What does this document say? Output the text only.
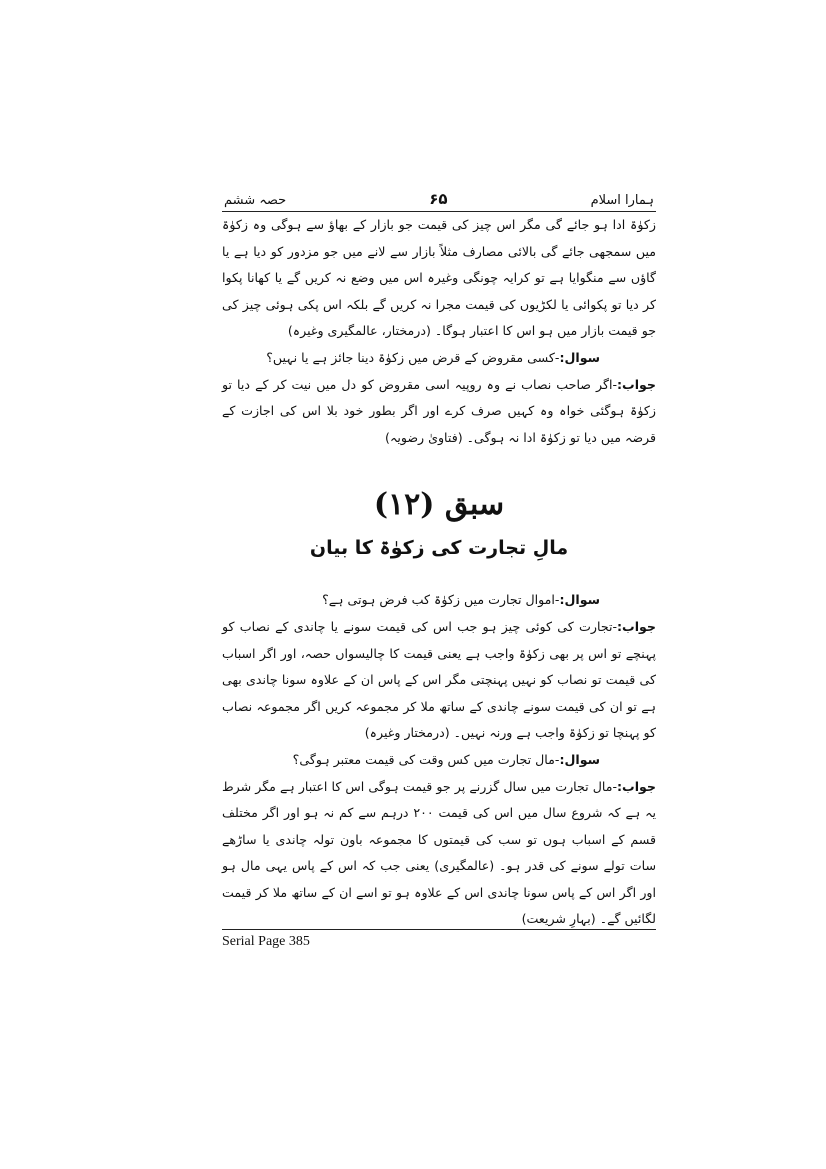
ہمارا اسلام
۶۵
حصہ ششم

زکوٰۃ ادا ہو جائے گی مگر اس چیز کی قیمت جو بازار کے بھاؤ سے ہوگی وہ زکوٰۃ میں سمجھی جائے گی بالائی مصارف مثلاً بازار سے لانے میں جو مزدور کو دیا ہے یا گاؤں سے منگوایا ہے تو کرایہ چونگی وغیرہ اس میں وضع نہ کریں گے یا کھانا پکوا کر دیا تو پکوائی یا لکڑیوں کی قیمت مجرا نہ کریں گے بلکہ اس پکی ہوئی چیز کی جو قیمت بازار میں ہو اس کا اعتبار ہوگا۔ (درمختار، عالمگیری وغیرہ)

سوال:-کسی مقروض کے قرض میں زکوٰۃ دینا جائز ہے یا نہیں؟

جواب:-اگر صاحب نصاب نے وہ روپیہ اسی مقروض کو دل میں نیت کر کے دیا تو زکوٰۃ ہوگئی خواہ وہ کہیں صرف کرے اور اگر بطور خود بلا اس کی اجازت کے قرضہ میں دیا تو زکوٰۃ ادا نہ ہوگی۔ (فتاویٰ رضویہ)

سبق (۱۲)
مالِ تجارت کی زکوٰۃ کا بیان

سوال:-اموال تجارت میں زکوٰۃ کب فرض ہوتی ہے؟

جواب:-تجارت کی کوئی چیز ہو جب اس کی قیمت سونے یا چاندی کے نصاب کو پہنچے تو اس پر بھی زکوٰۃ واجب ہے یعنی قیمت کا چالیسواں حصہ، اور اگر اسباب کی قیمت تو نصاب کو نہیں پہنچتی مگر اس کے پاس ان کے علاوہ سونا چاندی بھی ہے تو ان کی قیمت سونے چاندی کے ساتھ ملا کر مجموعہ کریں اگر مجموعہ نصاب کو پہنچا تو زکوٰۃ واجب ہے ورنہ نہیں۔ (درمختار وغیرہ)

سوال:-مال تجارت میں کس وقت کی قیمت معتبر ہوگی؟

جواب:-مال تجارت میں سال گزرنے پر جو قیمت ہوگی اس کا اعتبار ہے مگر شرط یہ ہے کہ شروع سال میں اس کی قیمت ۲۰۰ درہم سے کم نہ ہو اور اگر مختلف قسم کے اسباب ہوں تو سب کی قیمتوں کا مجموعہ باون تولہ چاندی یا ساڑھے سات تولے سونے کی قدر ہو۔ (عالمگیری) یعنی جب کہ اس کے پاس یہی مال ہو اور اگر اس کے پاس سونا چاندی اس کے علاوہ ہو تو اسے ان کے ساتھ ملا کر قیمت لگائیں گے۔ (بہارِ شریعت)

Serial Page 385
